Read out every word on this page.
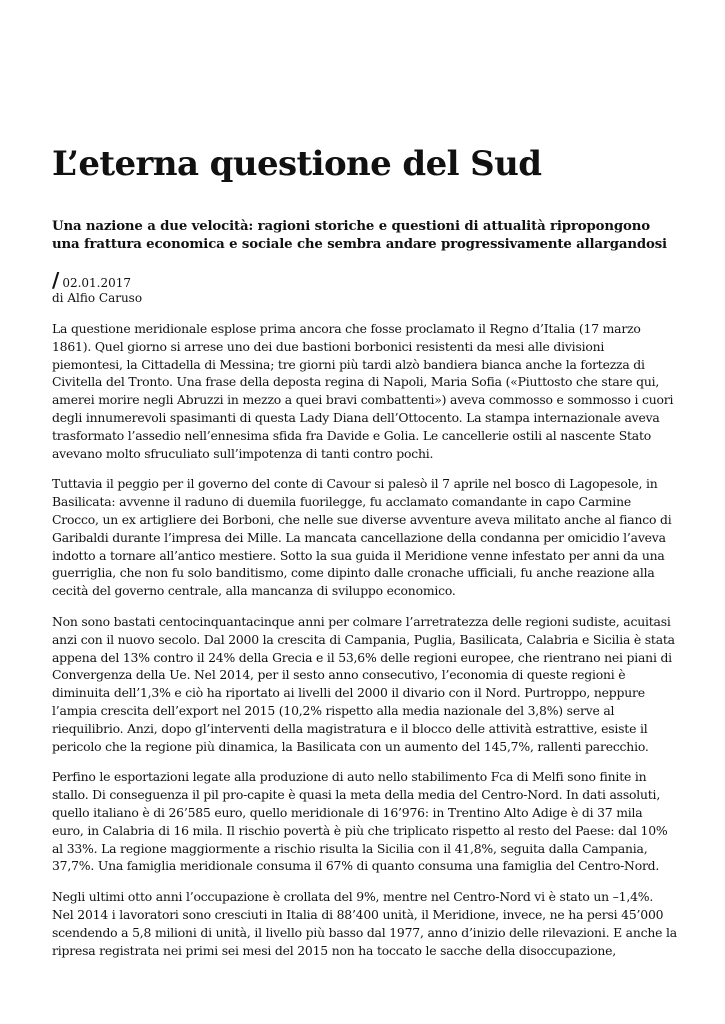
L’eterna questione del Sud
Una nazione a due velocità: ragioni storiche e questioni di attualità ripropongono una frattura economica e sociale che sembra andare progressivamente allargandosi
/ 02.01.2017
di Alfio Caruso

La questione meridionale esplose prima ancora che fosse proclamato il Regno d’Italia (17 marzo 1861). Quel giorno si arrese uno dei due bastioni borbonici resistenti da mesi alle divisioni piemontesi, la Cittadella di Messina; tre giorni più tardi alzò bandiera bianca anche la fortezza di Civitella del Tronto. Una frase della deposta regina di Napoli, Maria Sofia («Piuttosto che stare qui, amerei morire negli Abruzzi in mezzo a quei bravi combattenti») aveva commosso e sommosso i cuori degli innumerevoli spasimanti di questa Lady Diana dell’Ottocento. La stampa internazionale aveva trasformato l’assedio nell’ennesima sfida fra Davide e Golia. Le cancellerie ostili al nascente Stato avevano molto sfruculiato sull’impotenza di tanti contro pochi.

Tuttavia il peggio per il governo del conte di Cavour si palesò il 7 aprile nel bosco di Lagopesole, in Basilicata: avvenne il raduno di duemila fuorilegge, fu acclamato comandante in capo Carmine Crocco, un ex artigliere dei Borboni, che nelle sue diverse avventure aveva militato anche al fianco di Garibaldi durante l’impresa dei Mille. La mancata cancellazione della condanna per omicidio l’aveva indotto a tornare all’antico mestiere. Sotto la sua guida il Meridione venne infestato per anni da una guerriglia, che non fu solo banditismo, come dipinto dalle cronache ufficiali, fu anche reazione alla cecità del governo centrale, alla mancanza di sviluppo economico.

Non sono bastati centocinquantacinque anni per colmare l’arretratezza delle regioni sudiste, acuitasi anzi con il nuovo secolo. Dal 2000 la crescita di Campania, Puglia, Basilicata, Calabria e Sicilia è stata appena del 13% contro il 24% della Grecia e il 53,6% delle regioni europee, che rientrano nei piani di Convergenza della Ue. Nel 2014, per il sesto anno consecutivo, l’economia di queste regioni è diminuita dell’1,3% e ciò ha riportato ai livelli del 2000 il divario con il Nord. Purtroppo, neppure l’ampia crescita dell’export nel 2015 (10,2% rispetto alla media nazionale del 3,8%) serve al riequilibrio. Anzi, dopo gl’interventi della magistratura e il blocco delle attività estrattive, esiste il pericolo che la regione più dinamica, la Basilicata con un aumento del 145,7%, rallenti parecchio.

Perfino le esportazioni legate alla produzione di auto nello stabilimento Fca di Melfi sono finite in stallo. Di conseguenza il pil pro-capite è quasi la meta della media del Centro-Nord. In dati assoluti, quello italiano è di 26’585 euro, quello meridionale di 16’976: in Trentino Alto Adige è di 37 mila euro, in Calabria di 16 mila. Il rischio povertà è più che triplicato rispetto al resto del Paese: dal 10% al 33%. La regione maggiormente a rischio risulta la Sicilia con il 41,8%, seguita dalla Campania, 37,7%. Una famiglia meridionale consuma il 67% di quanto consuma una famiglia del Centro-Nord.

Negli ultimi otto anni l’occupazione è crollata del 9%, mentre nel Centro-Nord vi è stato un –1,4%. Nel 2014 i lavoratori sono cresciuti in Italia di 88’400 unità, il Meridione, invece, ne ha persi 45’000 scendendo a 5,8 milioni di unità, il livello più basso dal 1977, anno d’inizio delle rilevazioni. E anche la ripresa registrata nei primi sei mesi del 2015 non ha toccato le sacche della disoccupazione,
